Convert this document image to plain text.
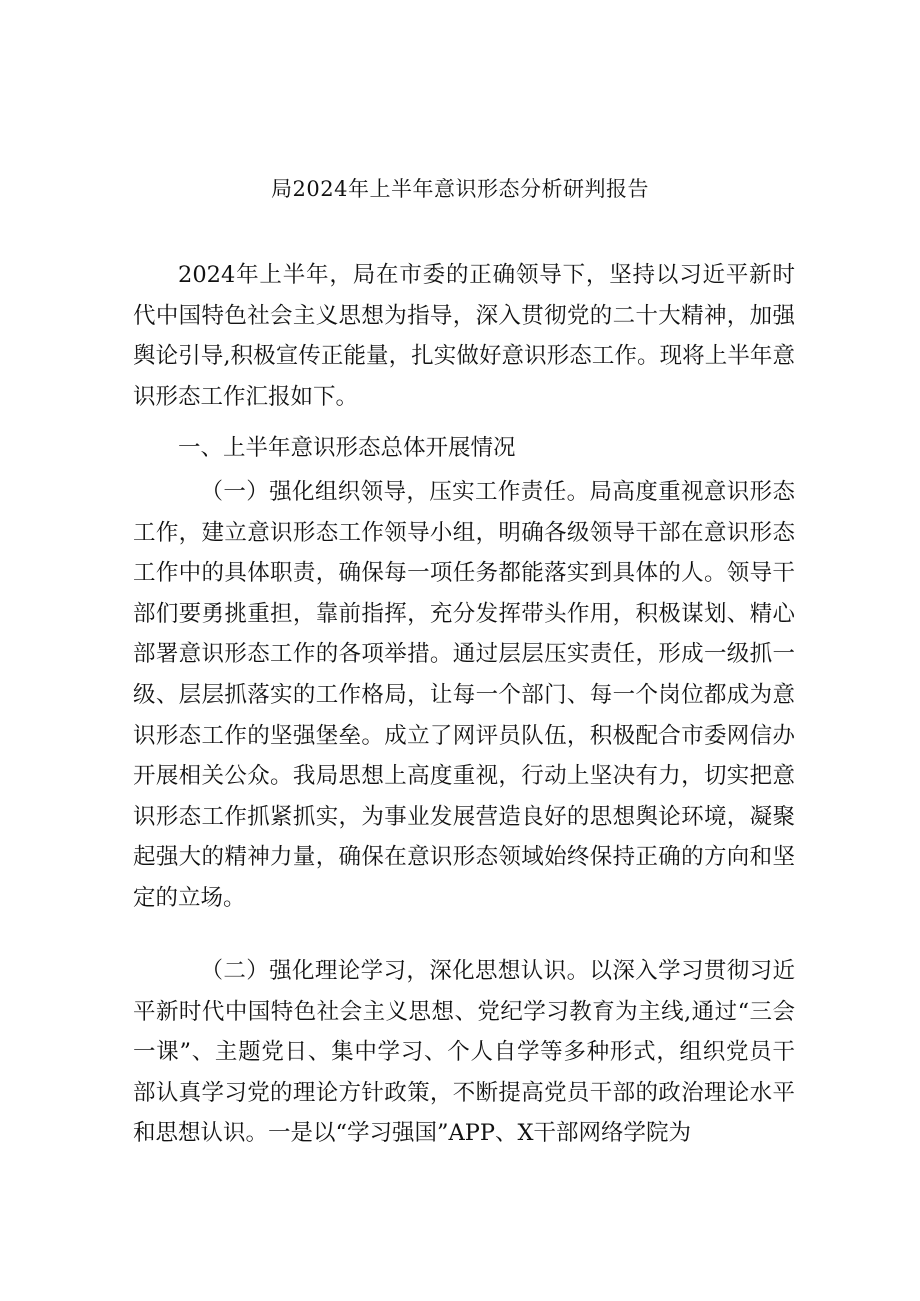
局2024年上半年意识形态分析研判报告

2024年上半年，局在市委的正确领导下，坚持以习近平新时代中国特色社会主义思想为指导，深入贯彻党的二十大精神，加强舆论引导,积极宣传正能量，扎实做好意识形态工作。现将上半年意识形态工作汇报如下。

一、上半年意识形态总体开展情况

（一）强化组织领导，压实工作责任。局高度重视意识形态工作，建立意识形态工作领导小组，明确各级领导干部在意识形态工作中的具体职责，确保每一项任务都能落实到具体的人。领导干部们要勇挑重担，靠前指挥，充分发挥带头作用，积极谋划、精心部署意识形态工作的各项举措。通过层层压实责任，形成一级抓一级、层层抓落实的工作格局，让每一个部门、每一个岗位都成为意识形态工作的坚强堡垒。成立了网评员队伍，积极配合市委网信办开展相关公众。我局思想上高度重视，行动上坚决有力，切实把意识形态工作抓紧抓实，为事业发展营造良好的思想舆论环境，凝聚起强大的精神力量，确保在意识形态领域始终保持正确的方向和坚定的立场。

（二）强化理论学习，深化思想认识。以深入学习贯彻习近平新时代中国特色社会主义思想、党纪学习教育为主线,通过“三会一课”、主题党日、集中学习、个人自学等多种形式，组织党员干部认真学习党的理论方针政策，不断提高党员干部的政治理论水平和思想认识。一是以“学习强国”APP、X干部网络学院为
